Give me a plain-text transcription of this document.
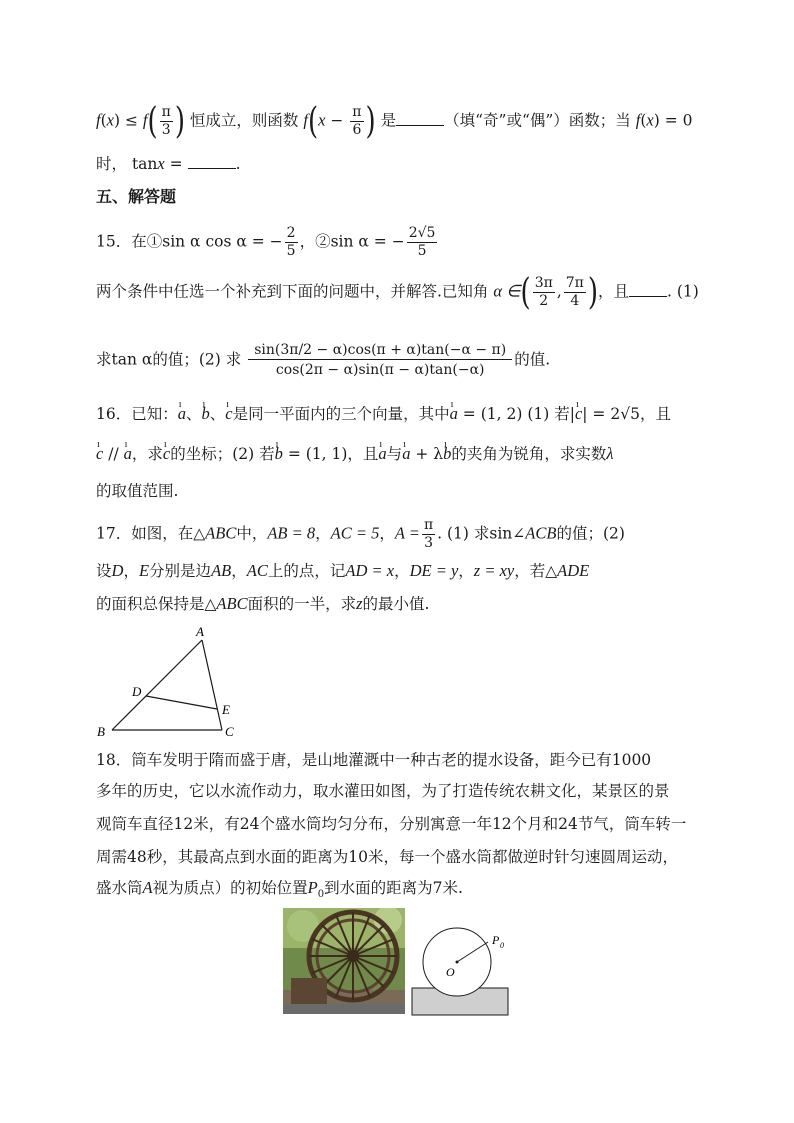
$f(x) \le f( \frac{\pi}{3}$ ) 恒成立，则函数 $f(x - \frac{\pi}{6}$ ) 是	（填“奇”或“偶”）函数；当 f(x) = 0
时， tanx =	.
五、解答题
15．在①sin α cos α = − $\frac{2}{5}$ ，②sin α = − $\frac{2√5}{5}$
两个条件中任选一个补充到下面的问题中，并解答.已知角 α ∈( $\frac{3\pi}{2}$ , $\frac{7\pi}{4}$ )，且 . (1)
求tan α的值；(2) 求 $\frac{\sin(3\pi/2 - \alpha)\cos(\pi + \alpha)\tan(-\alpha - \pi)}{\cos(2\pi - \alpha)\sin(\pi - \alpha)\tan(-\alpha)}$ 的值.
16．已知：ı a、ı b、ı c是同一平面内的三个向量，其中ı a = (1, 2) (1) 若|ı c| = 2√5，且
ı c // ı a，求ı c的坐标；(2) 若ı b = (1, 1)，且ı a与ı a + λı b的夹角为锐角，求实数λ
的取值范围.
17．如图，在△ABC中，AB = 8，AC = 5，$A = \frac{\pi}{3}$ . (1) 求sin∠ACB的值；(2)
设D，E分别是边AB，AC上的点，记AD = x，DE = y，z = xy，若△ADE
的面积总保持是△ABC面积的一半，求z的最小值.
A
B	C
D
E
18．筒车发明于隋而盛于唐，是山地灌溉中一种古老的提水设备，距今已有1000
多年的历史，它以水流作动力，取水灌田如图，为了打造传统农耕文化，某景区的景
观筒车直径12米，有24个盛水筒均匀分布，分别寓意一年12个月和24节气，筒车转一
周需48秒，其最高点到水面的距离为10米，每一个盛水筒都做逆时针匀速圆周运动，
盛水筒A视为质点）的初始位置$P_0$到水面的距离为7米.
O
P 0
